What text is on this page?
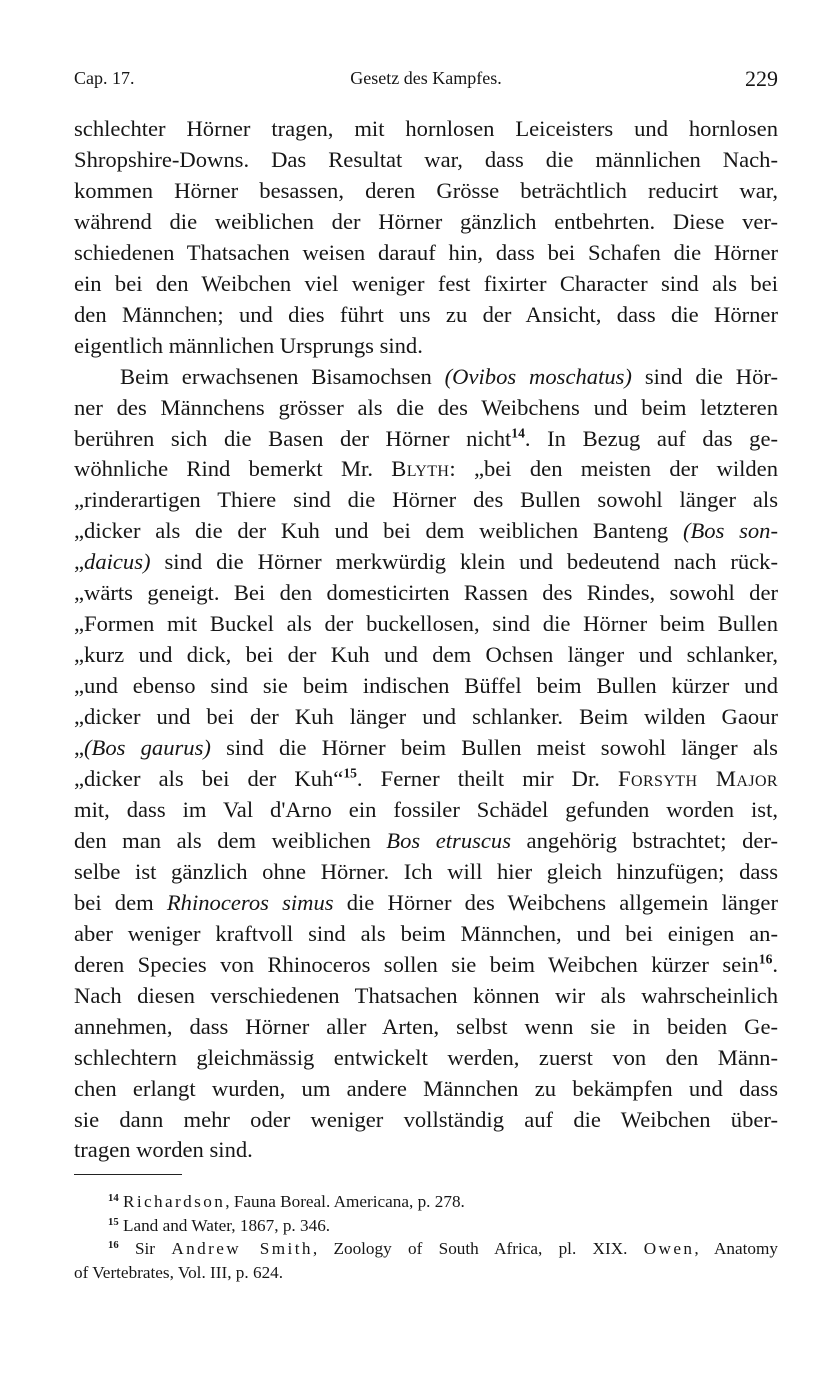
Cap. 17.	Gesetz des Kampfes.	229
schlechter Hörner tragen, mit hornlosen Leiceisters und hornlosen
Shropshire-Downs. Das Resultat war, dass die männlichen Nach-
kommen Hörner besassen, deren Grösse beträchtlich reducirt war,
während die weiblichen der Hörner gänzlich entbehrten. Diese ver-
schiedenen Thatsachen weisen darauf hin, dass bei Schafen die Hörner
ein bei den Weibchen viel weniger fest fixirter Character sind als bei
den Männchen; und dies führt uns zu der Ansicht, dass die Hörner
eigentlich männlichen Ursprungs sind.
Beim erwachsenen Bisamochsen (Ovibos moschatus) sind die Hör-
ner des Männchens grösser als die des Weibchens und beim letzteren
berühren sich die Basen der Hörner nicht$^{14}$. In Bezug auf das ge-
wöhnliche Rind bemerkt Mr. Blyth: „bei den meisten der wilden
„rinderartigen Thiere sind die Hörner des Bullen sowohl länger als
„dicker als die der Kuh und bei dem weiblichen Banteng (Bos son-
„daicus) sind die Hörner merkwürdig klein und bedeutend nach rück-
„wärts geneigt. Bei den domesticirten Rassen des Rindes, sowohl der
„Formen mit Buckel als der buckellosen, sind die Hörner beim Bullen
„kurz und dick, bei der Kuh und dem Ochsen länger und schlanker,
„und ebenso sind sie beim indischen Büffel beim Bullen kürzer und
„dicker und bei der Kuh länger und schlanker. Beim wilden Gaour
„(Bos gaurus) sind die Hörner beim Bullen meist sowohl länger als
„dicker als bei der Kuh“$^{15}$. Ferner theilt mir Dr. Forsyth Major
mit, dass im Val d'Arno ein fossiler Schädel gefunden worden ist,
den man als dem weiblichen Bos etruscus angehörig bstrachtet; der-
selbe ist gänzlich ohne Hörner. Ich will hier gleich hinzufügen; dass
bei dem Rhinoceros simus die Hörner des Weibchens allgemein länger
aber weniger kraftvoll sind als beim Männchen, und bei einigen an-
deren Species von Rhinoceros sollen sie beim Weibchen kürzer sein$^{16}$.
Nach diesen verschiedenen Thatsachen können wir als wahrscheinlich
annehmen, dass Hörner aller Arten, selbst wenn sie in beiden Ge-
schlechtern gleichmässig entwickelt werden, zuerst von den Männ-
chen erlangt wurden, um andere Männchen zu bekämpfen und dass
sie dann mehr oder weniger vollständig auf die Weibchen über-
tragen worden sind.
$^{14}$ Richardson, Fauna Boreal. Americana, p. 278.
$^{15}$ Land and Water, 1867, p. 346.
$^{16}$ Sir Andrew Smith, Zoology of South Africa, pl. XIX. Owen, Anatomy
of Vertebrates, Vol. III, p. 624.
